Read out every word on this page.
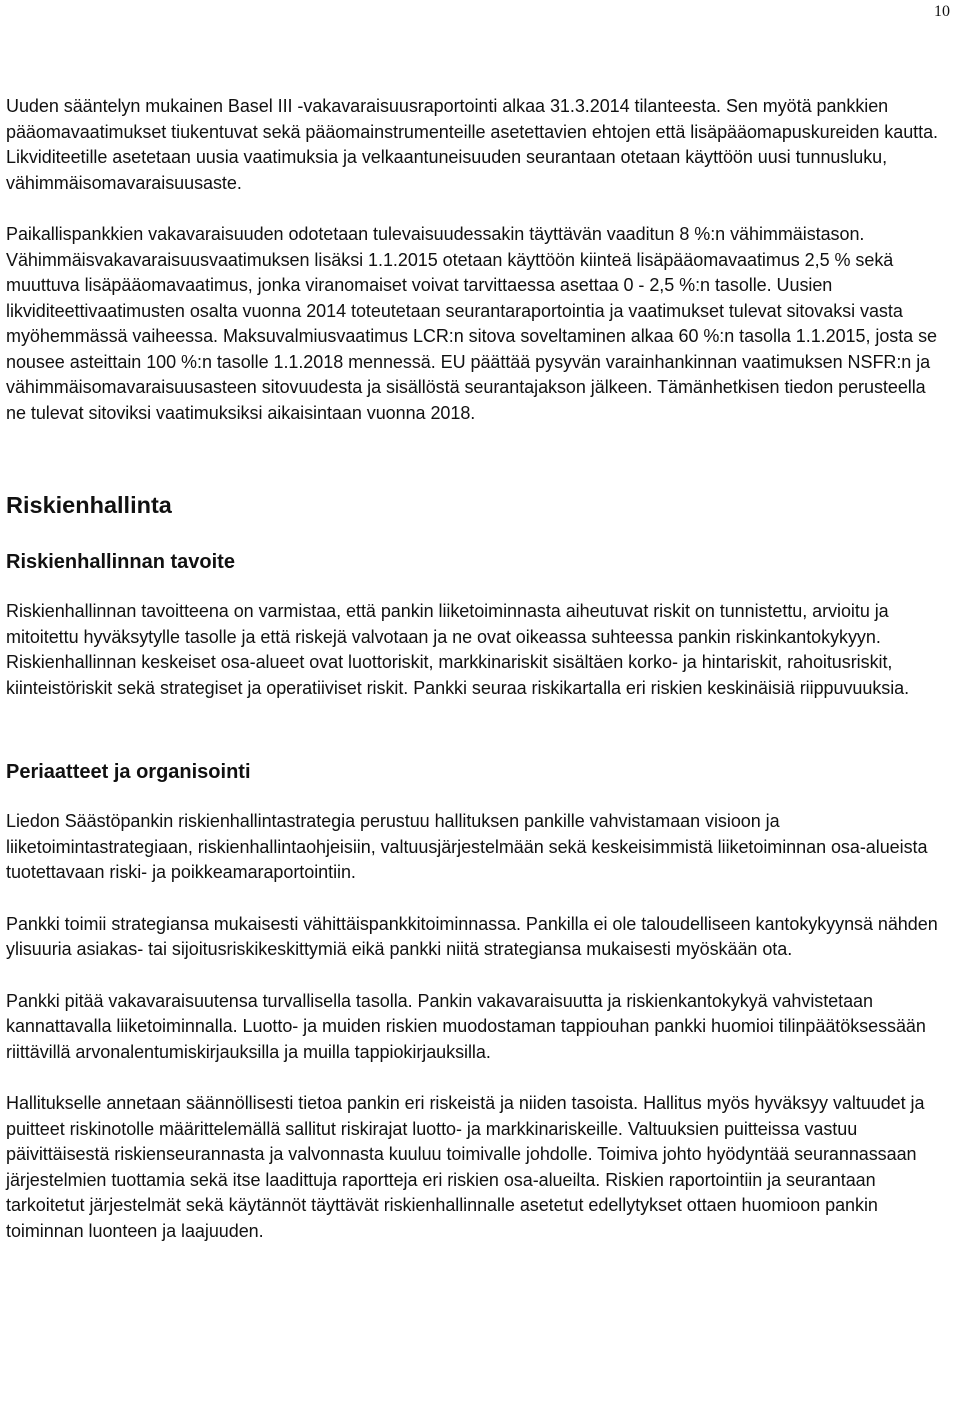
10

Uuden sääntelyn mukainen Basel III -vakavaraisuusraportointi alkaa 31.3.2014 tilanteesta. Sen myötä pankkien pääomavaatimukset tiukentuvat sekä pääomainstrumenteille asetettavien ehtojen että lisäpääomapuskureiden kautta. Likviditeetille asetetaan uusia vaatimuksia ja velkaantuneisuuden seurantaan otetaan käyttöön uusi tunnusluku, vähimmäisomavaraisuusaste.

Paikallispankkien vakavaraisuuden odotetaan tulevaisuudessakin täyttävän vaaditun 8 %:n vähimmäistason. Vähimmäisvakavaraisuusvaatimuksen lisäksi 1.1.2015 otetaan käyttöön kiinteä lisäpääomavaatimus 2,5 % sekä muuttuva lisäpääomavaatimus, jonka viranomaiset voivat tarvittaessa asettaa 0 - 2,5 %:n tasolle. Uusien likviditeettivaatimusten osalta vuonna 2014 toteutetaan seurantaraportointia ja vaatimukset tulevat sitovaksi vasta myöhemmässä vaiheessa. Maksuvalmiusvaatimus LCR:n sitova soveltaminen alkaa 60 %:n tasolla 1.1.2015, josta se nousee asteittain 100 %:n tasolle 1.1.2018 mennessä. EU päättää pysyvän varainhankinnan vaatimuksen NSFR:n ja vähimmäisomavaraisuusasteen sitovuudesta ja sisällöstä seurantajakson jälkeen. Tämänhetkisen tiedon perusteella ne tulevat sitoviksi vaatimuksiksi aikaisintaan vuonna 2018.

Riskienhallinta
Riskienhallinnan tavoite

Riskienhallinnan tavoitteena on varmistaa, että pankin liiketoiminnasta aiheutuvat riskit on tunnistettu, arvioitu ja mitoitettu hyväksytylle tasolle ja että riskejä valvotaan ja ne ovat oikeassa suhteessa pankin riskinkantokykyyn. Riskienhallinnan keskeiset osa-alueet ovat luottoriskit, markkinariskit sisältäen korko- ja hintariskit, rahoitusriskit, kiinteistöriskit sekä strategiset ja operatiiviset riskit. Pankki seuraa riskikartalla eri riskien keskinäisiä riippuvuuksia.

Periaatteet ja organisointi

Liedon Säästöpankin riskienhallintastrategia perustuu hallituksen pankille vahvistamaan visioon ja liiketoimintastrategiaan, riskienhallintaohjeisiin, valtuusjärjestelmään sekä keskeisimmistä liiketoiminnan osa-alueista tuotettavaan riski- ja poikkeamaraportointiin.

Pankki toimii strategiansa mukaisesti vähittäispankkitoiminnassa. Pankilla ei ole taloudelliseen kantokykyynsä nähden ylisuuria asiakas- tai sijoitusriskikeskittymiä eikä pankki niitä strategiansa mukaisesti myöskään ota.

Pankki pitää vakavaraisuutensa turvallisella tasolla. Pankin vakavaraisuutta ja riskienkantokykyä vahvistetaan kannattavalla liiketoiminnalla. Luotto- ja muiden riskien muodostaman tappiouhan pankki huomioi tilinpäätöksessään riittävillä arvonalentumiskirjauksilla ja muilla tappiokirjauksilla.

Hallitukselle annetaan säännöllisesti tietoa pankin eri riskeistä ja niiden tasoista. Hallitus myös hyväksyy valtuudet ja puitteet riskinotolle määrittelemällä sallitut riskirajat luotto- ja markkinariskeille. Valtuuksien puitteissa vastuu päivittäisestä riskienseurannasta ja valvonnasta kuuluu toimivalle johdolle. Toimiva johto hyödyntää seurannassaan järjestelmien tuottamia sekä itse laadittuja raportteja eri riskien osa-alueilta. Riskien raportointiin ja seurantaan tarkoitetut järjestelmät sekä käytännöt täyttävät riskienhallinnalle asetetut edellytykset ottaen huomioon pankin toiminnan luonteen ja laajuuden.
